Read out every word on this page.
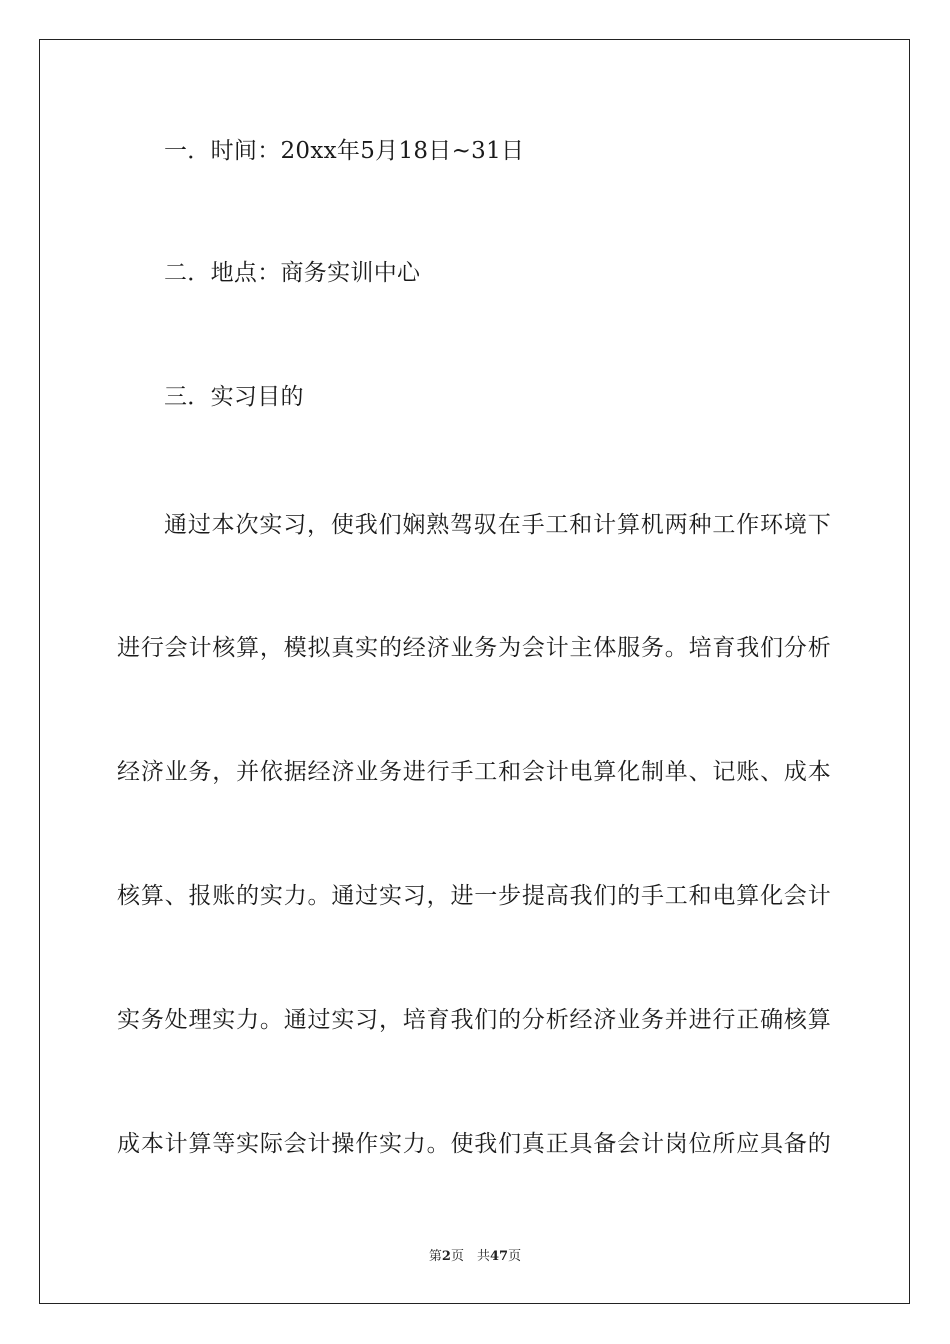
一．时间：20xx年5月18日~31日
二．地点：商务实训中心
三．实习目的
通过本次实习，使我们娴熟驾驭在手工和计算机两种工作环境下
进行会计核算，模拟真实的经济业务为会计主体服务。培育我们分析
经济业务，并依据经济业务进行手工和会计电算化制单、记账、成本
核算、报账的实力。通过实习，进一步提高我们的手工和电算化会计
实务处理实力。通过实习，培育我们的分析经济业务并进行正确核算
成本计算等实际会计操作实力。使我们真正具备会计岗位所应具备的
第2页　共47页
